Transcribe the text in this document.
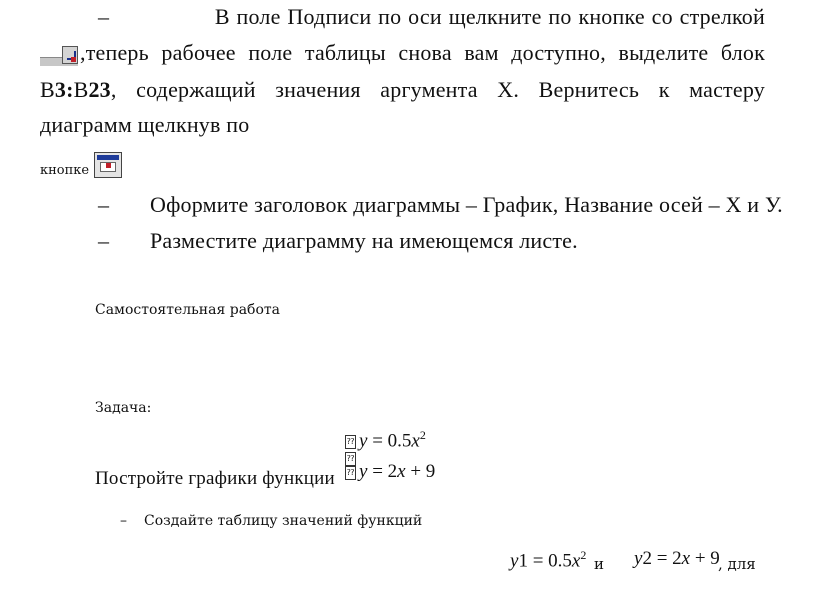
–	В поле Подписи по оси щелкните по кнопке со стрелкой
,теперь рабочее поле таблицы снова вам доступно, выделите блок
B3:B23, содержащий значения аргумента Х. Вернитесь к мастеру
диаграмм щелкнув по
кнопке
– Оформите заголовок диаграммы – График, Название осей – Х и У.
– Разместите диаграмму на имеющемся листе.
Самостоятельная работа
Задача:
⁇ $y = 0.5x^2$
⁇
Постройте графики функции ⁇ y = 2x + 9
– Создайте таблицу значений функций
$y1 = 0.5x^2$ и y2 = 2x + 9
, для
